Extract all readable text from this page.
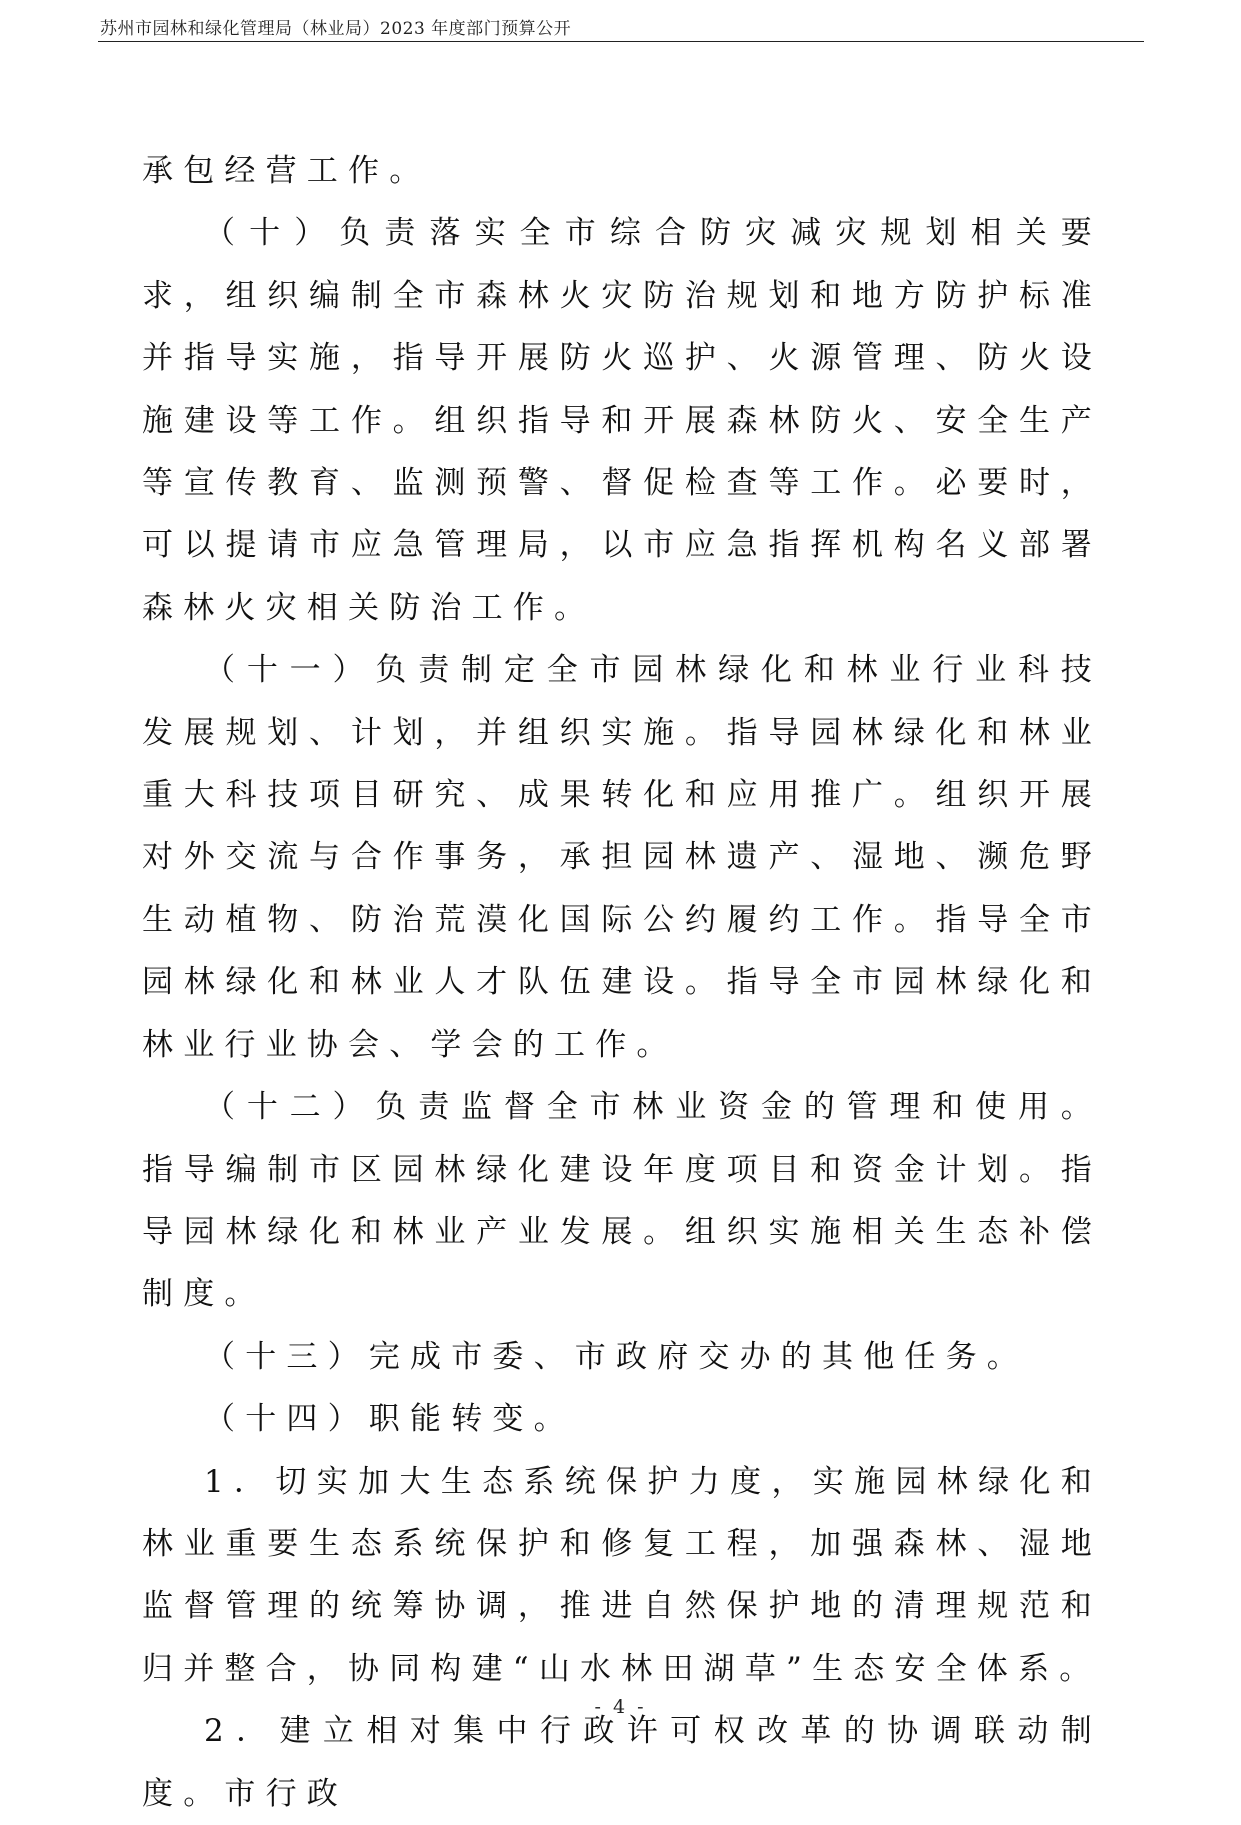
苏州市园林和绿化管理局（林业局）2023 年度部门预算公开

承包经营工作。

（十）负责落实全市综合防灾减灾规划相关要求，组织编制全市森林火灾防治规划和地方防护标准并指导实施，指导开展防火巡护、火源管理、防火设施建设等工作。组织指导和开展森林防火、安全生产等宣传教育、监测预警、督促检查等工作。必要时，可以提请市应急管理局，以市应急指挥机构名义部署森林火灾相关防治工作。

（十一）负责制定全市园林绿化和林业行业科技发展规划、计划，并组织实施。指导园林绿化和林业重大科技项目研究、成果转化和应用推广。组织开展对外交流与合作事务，承担园林遗产、湿地、濒危野生动植物、防治荒漠化国际公约履约工作。指导全市园林绿化和林业人才队伍建设。指导全市园林绿化和林业行业协会、学会的工作。

（十二）负责监督全市林业资金的管理和使用。指导编制市区园林绿化建设年度项目和资金计划。指导园林绿化和林业产业发展。组织实施相关生态补偿制度。

（十三）完成市委、市政府交办的其他任务。

（十四）职能转变。

1．切实加大生态系统保护力度，实施园林绿化和林业重要生态系统保护和修复工程，加强森林、湿地监督管理的统筹协调，推进自然保护地的清理规范和归并整合，协同构建“山水林田湖草”生态安全体系。

2．建立相对集中行政许可权改革的协调联动制度。市行政

- 4 -
